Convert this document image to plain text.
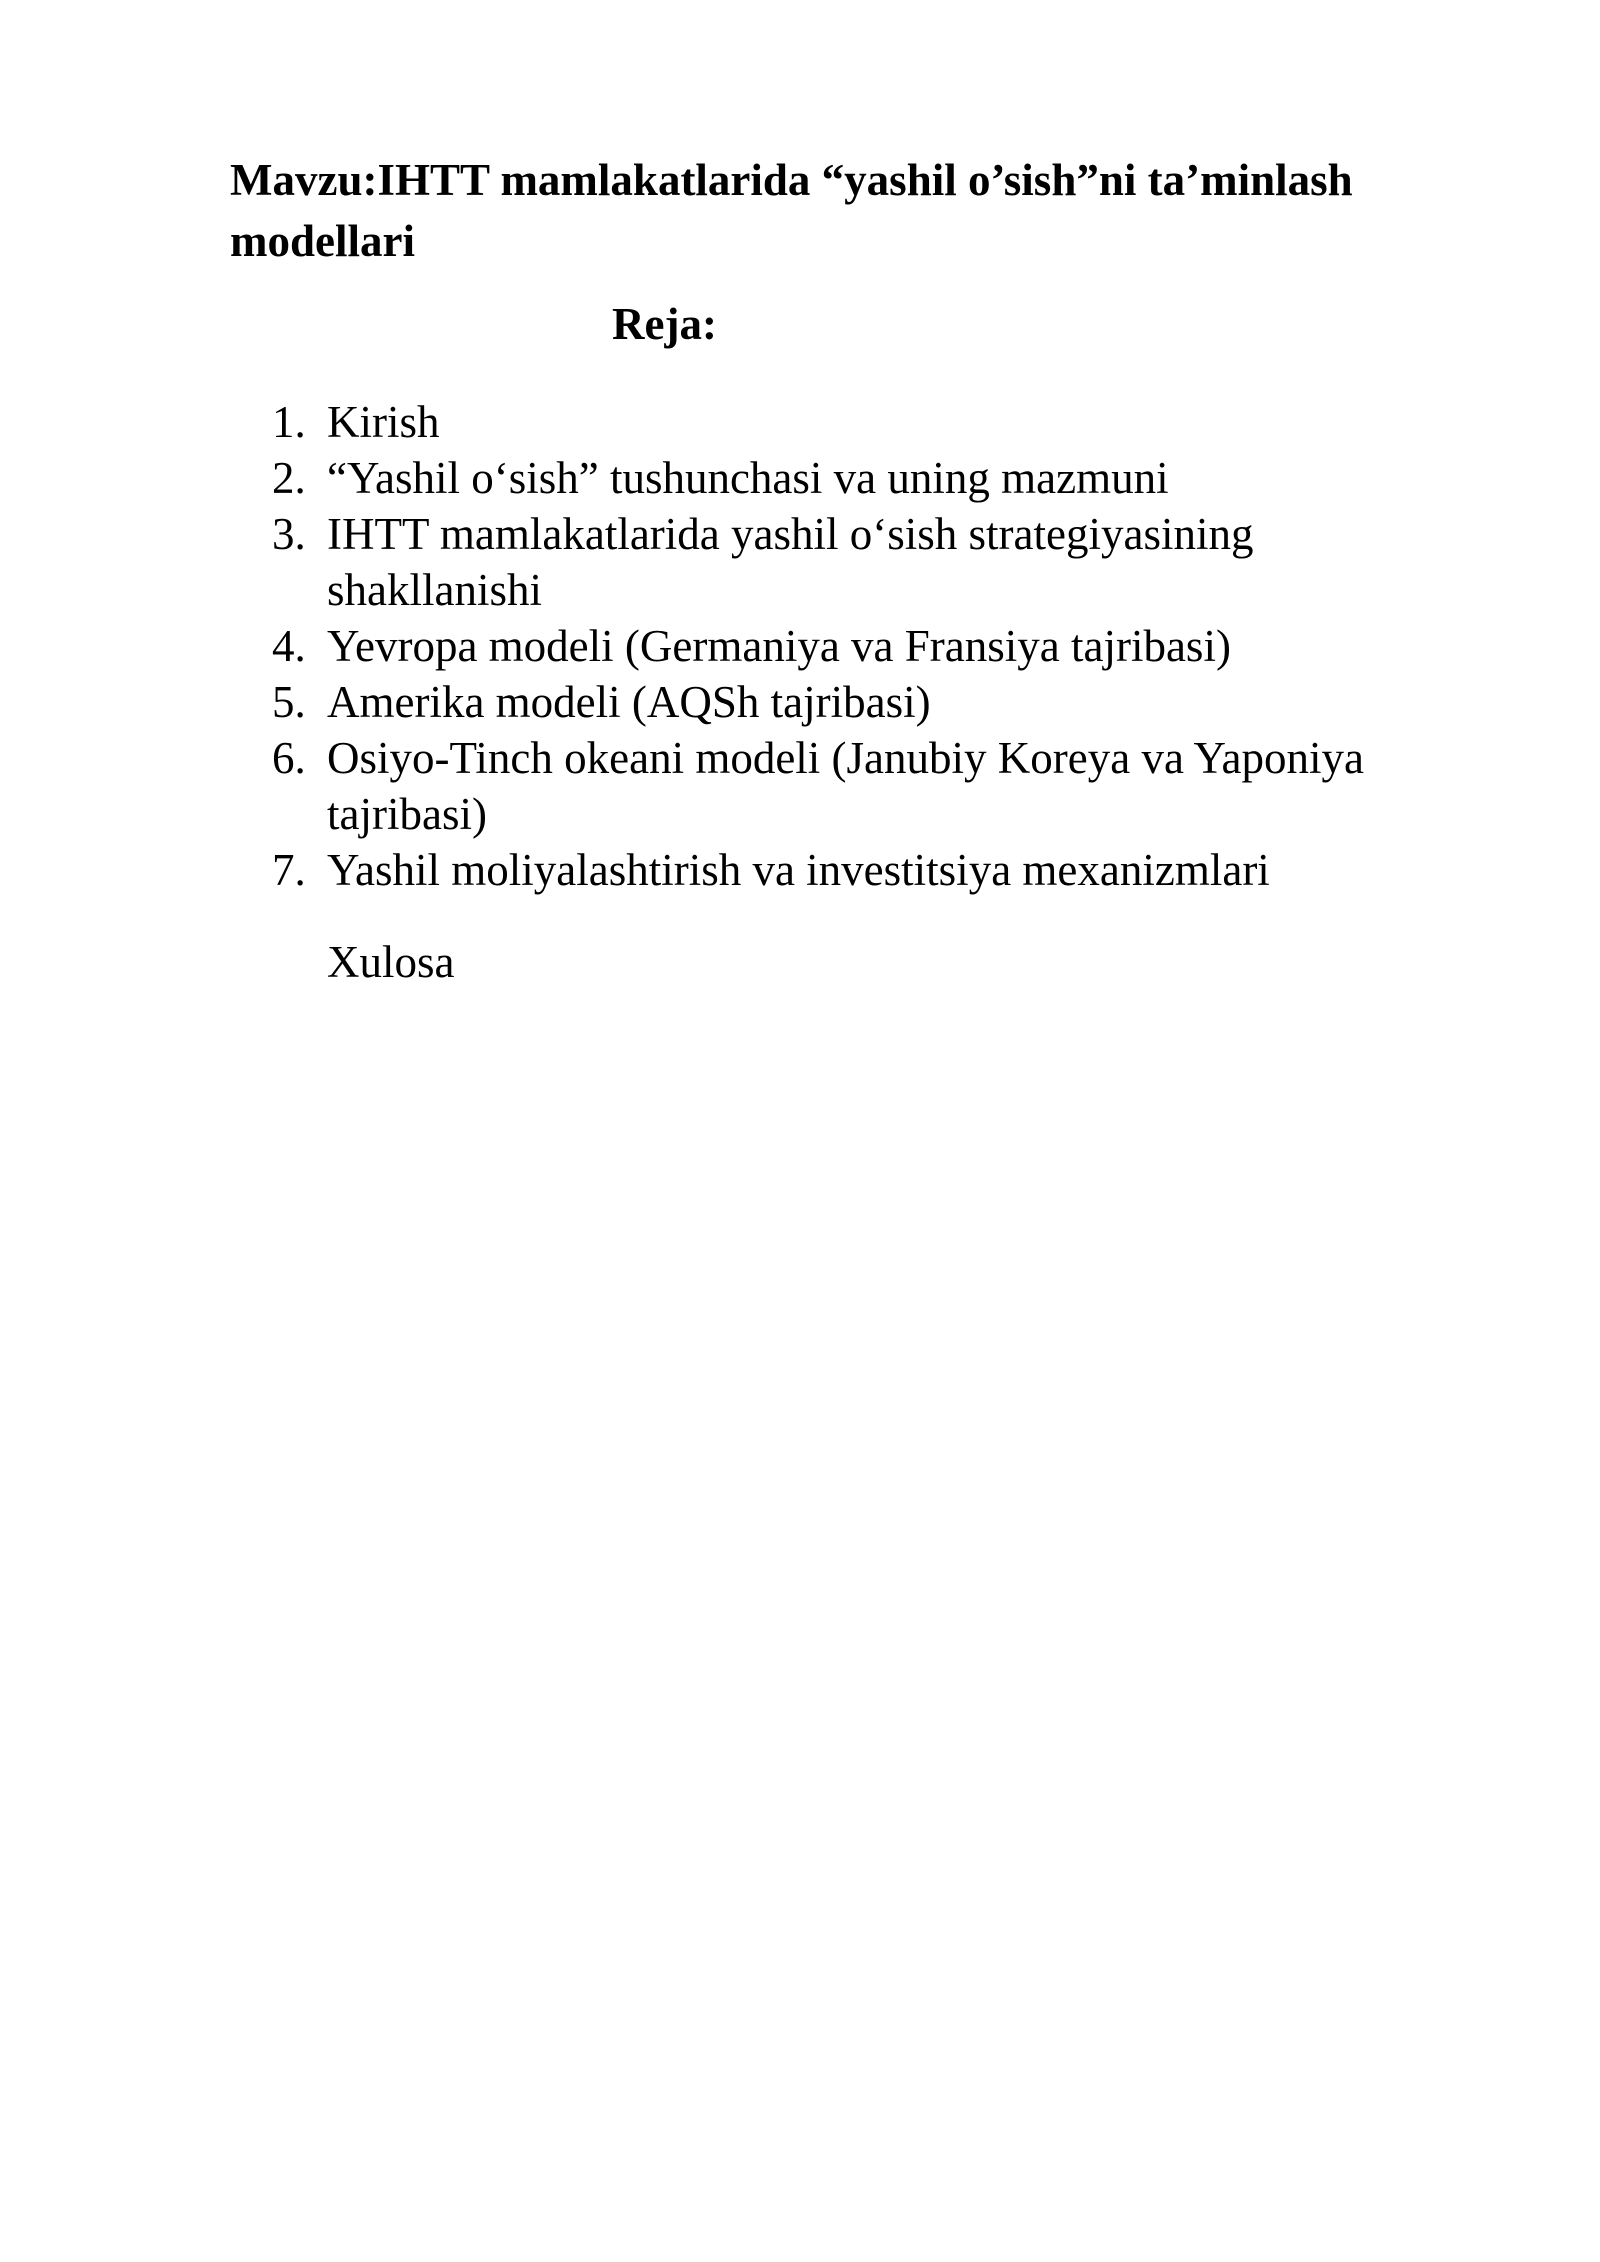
Mavzu:IHTT mamlakatlarida “yashil o’sish”ni ta’minlash modellari
Reja:
1. Kirish
2. “Yashil o‘sish” tushunchasi va uning mazmuni
3. IHTT mamlakatlarida yashil o‘sish strategiyasining shakllanishi
4. Yevropa modeli (Germaniya va Fransiya tajribasi)
5. Amerika modeli (AQSh tajribasi)
6. Osiyo-Tinch okeani modeli (Janubiy Koreya va Yaponiya tajribasi)
7. Yashil moliyalashtirish va investitsiya mexanizmlari

Xulosa
